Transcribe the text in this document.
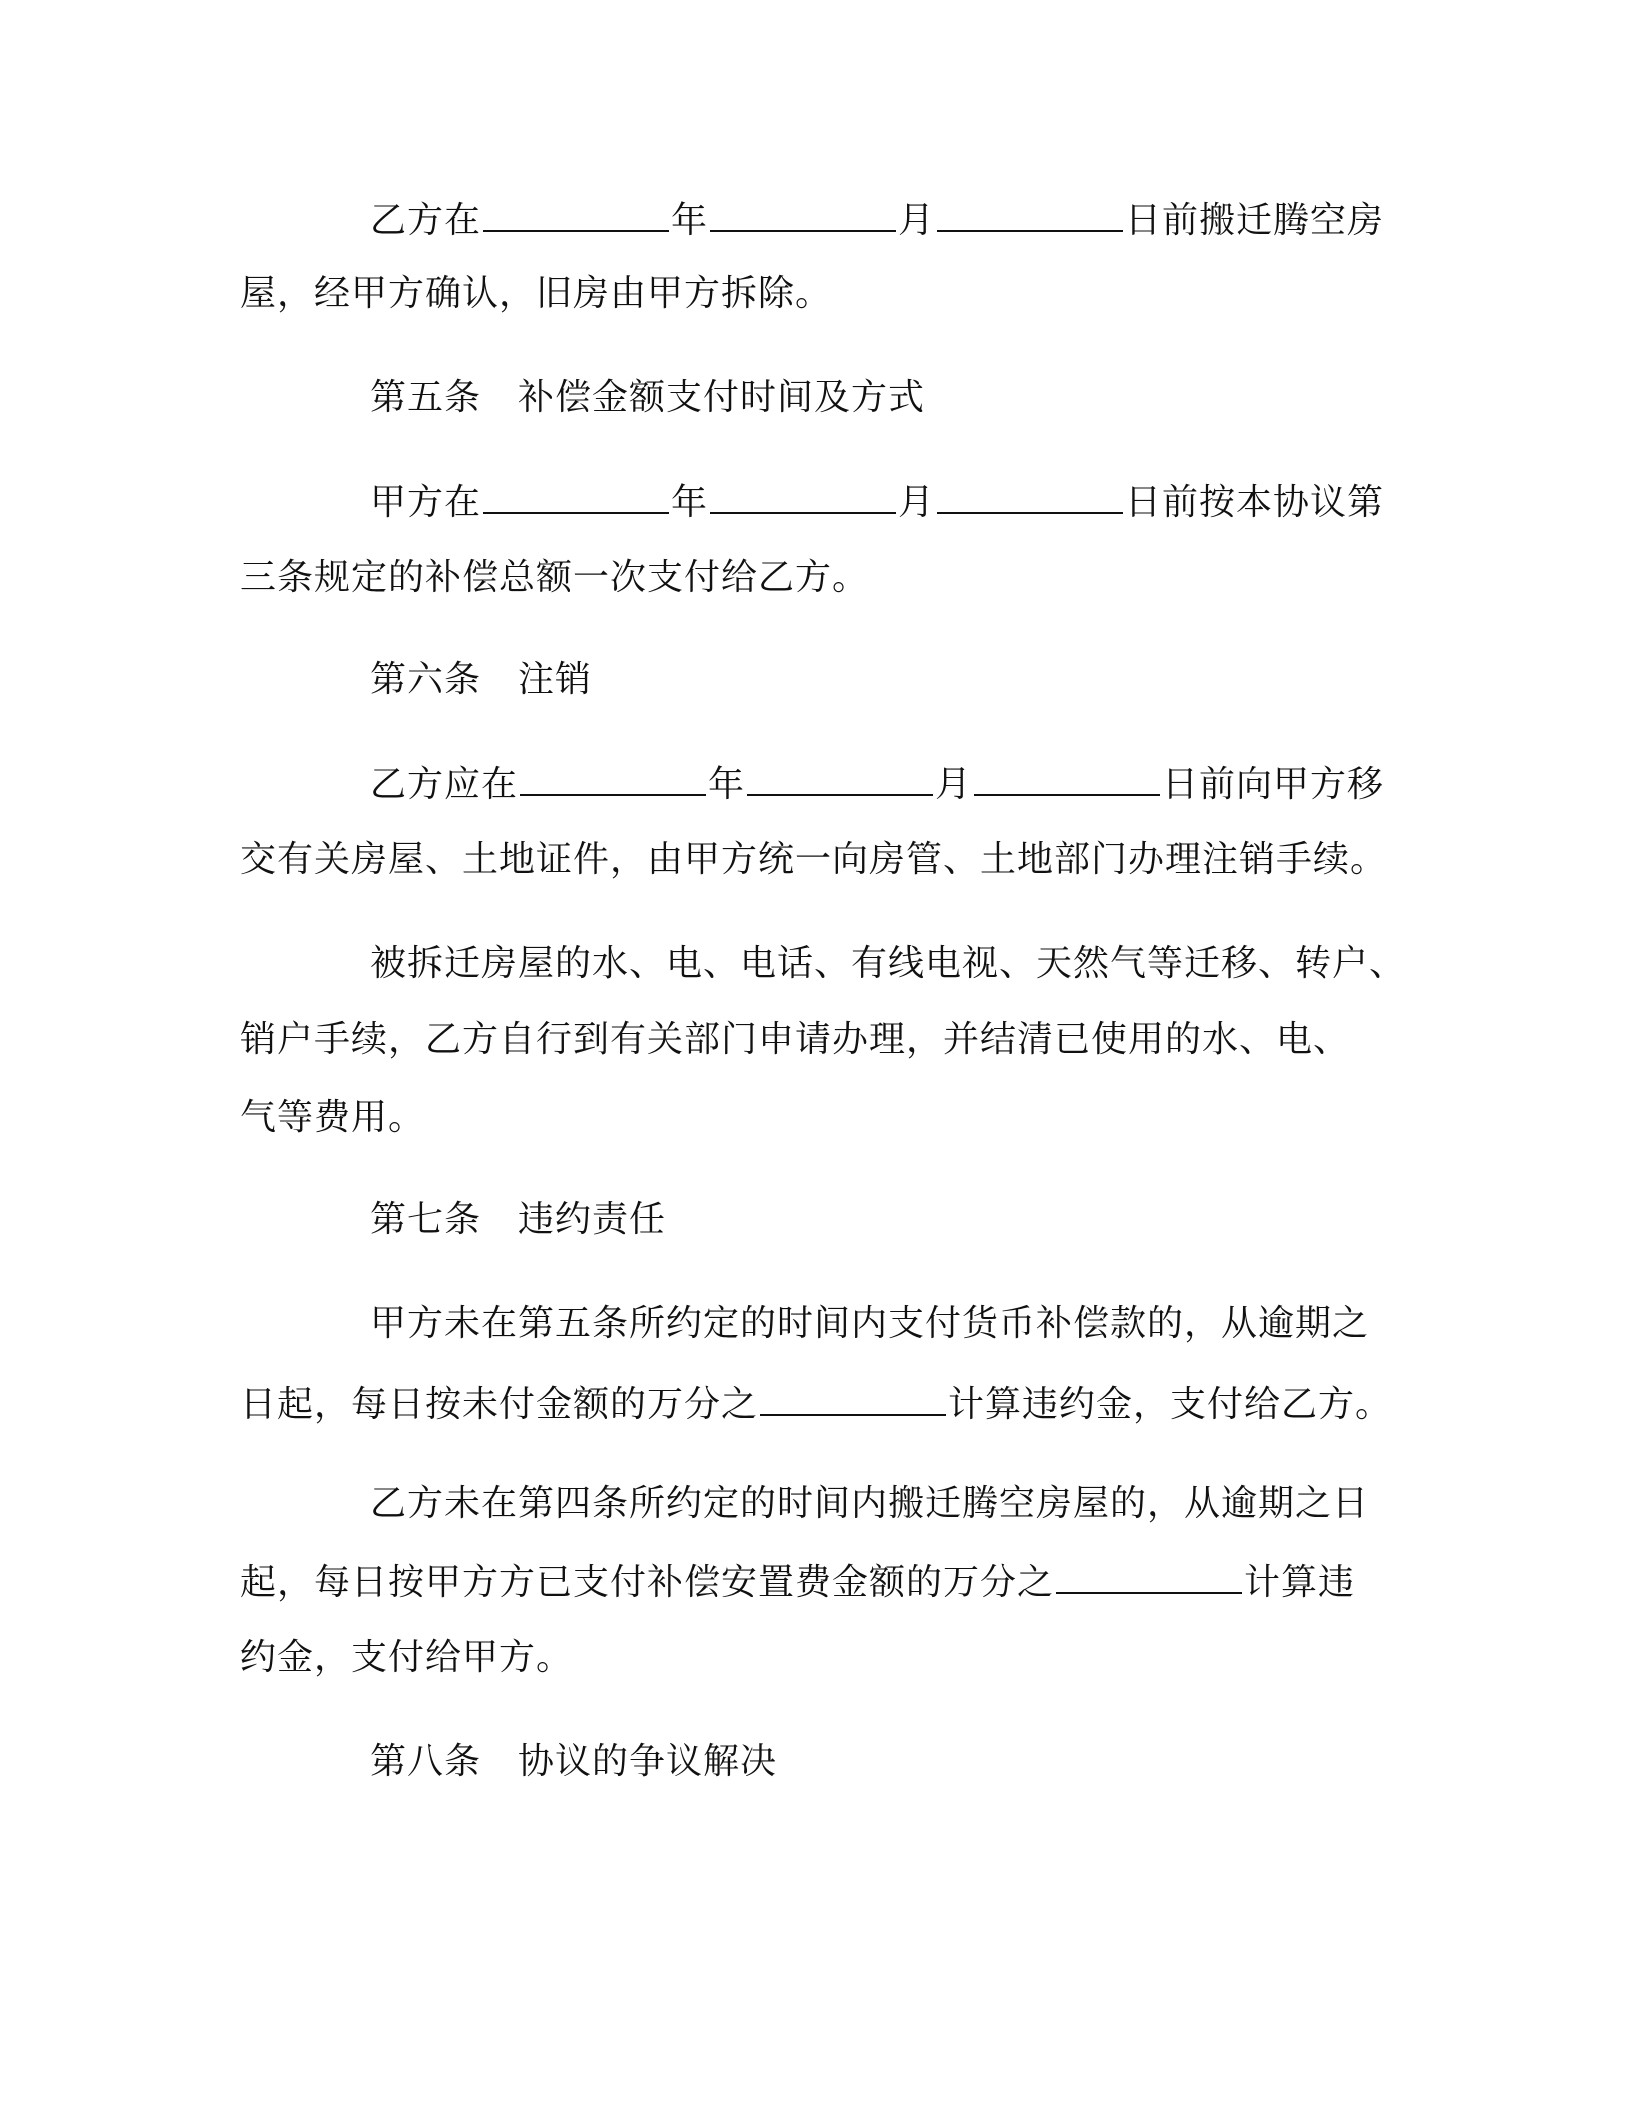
乙方在	年	月	日前搬迁腾空房
屋，经甲方确认，旧房由甲方拆除。
第五条　补偿金额支付时间及方式
甲方在	年	月	日前按本协议第
三条规定的补偿总额一次支付给乙方。
第六条　注销
乙方应在	年	月	日前向甲方移
交有关房屋、土地证件，由甲方统一向房管、土地部门办理注销手续。
被拆迁房屋的水、电、电话、有线电视、天然气等迁移、转户、
销户手续，乙方自行到有关部门申请办理，并结清已使用的水、电、
气等费用。
第七条　违约责任
甲方未在第五条所约定的时间内支付货币补偿款的，从逾期之
日起，每日按未付金额的万分之	计算违约金，支付给乙方。
乙方未在第四条所约定的时间内搬迁腾空房屋的，从逾期之日
起，每日按甲方方已支付补偿安置费金额的万分之	计算违
约金，支付给甲方。
第八条　协议的争议解决
